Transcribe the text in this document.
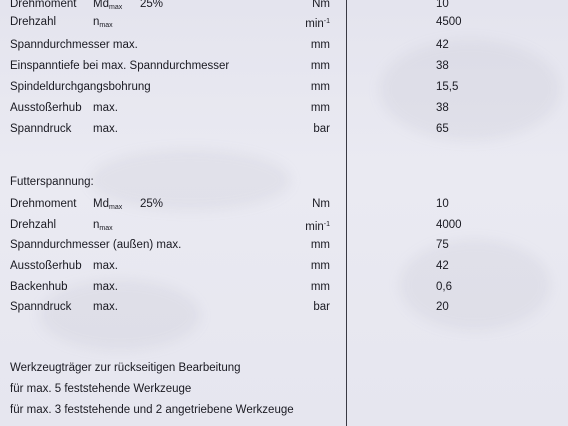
Drehmoment $Md_{max}$ 25%	Nm	10
Drehzahl	$n_{max}$	$\min^{-1}$	4500
Spanndurchmesser max.	mm	42
Einspanntiefe bei max. Spanndurchmesser	mm	38
Spindeldurchgangsbohrung	mm	15,5
Ausstoßerhub max.	mm	38
Spanndruck max.	bar	65
Futterspannung:
Drehmoment $Md_{max}$ 25%	Nm	10
Drehzahl	$n_{max}$	$\min^{-1}$	4000
Spanndurchmesser (außen) max.	mm	75
Ausstoßerhub max.	mm	42
Backenhub max.	mm	0,6
Spanndruck max.	bar	20
Werkzeugträger zur rückseitigen Bearbeitung
für max. 5 feststehende Werkzeuge
für max. 3 feststehende und 2 angetriebene Werkzeuge
